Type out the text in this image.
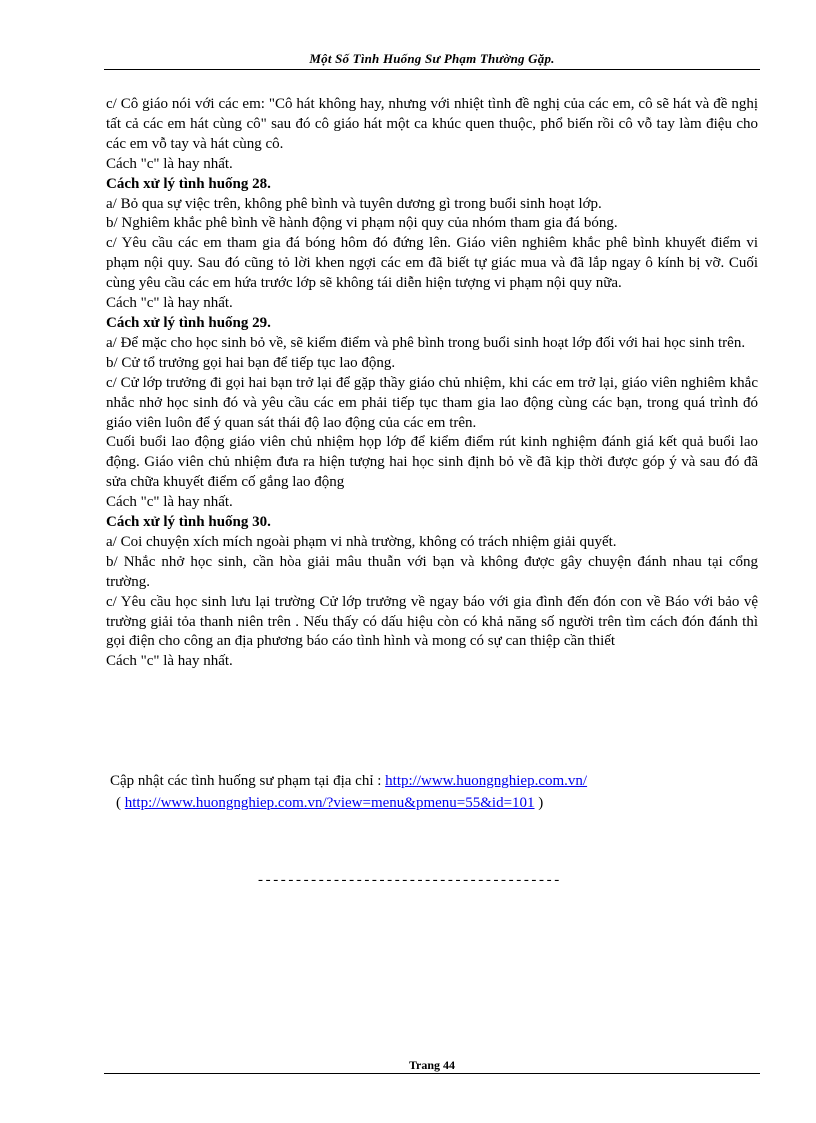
Một Số Tình Huống Sư Phạm Thường Gặp.

c/ Cô giáo nói với các em: "Cô hát không hay, nhưng với nhiệt tình đề nghị của các em, cô sẽ hát và đề nghị tất cả các em hát cùng cô" sau đó cô giáo hát một ca khúc quen thuộc, phổ biến rồi cô vỗ tay làm điệu cho các em vỗ tay và hát cùng cô.

Cách "c" là hay nhất.

Cách xử lý tình huống 28.

a/ Bỏ qua sự việc trên, không phê bình và tuyên dương gì trong buổi sinh hoạt lớp.

b/ Nghiêm khắc phê bình về hành động vi phạm nội quy của nhóm tham gia đá bóng.

c/ Yêu cầu các em tham gia đá bóng hôm đó đứng lên. Giáo viên nghiêm khắc phê bình khuyết điểm vi phạm nội quy. Sau đó cũng tỏ lời khen ngợi các em đã biết tự giác mua và đã lắp ngay ô kính bị vỡ. Cuối cùng yêu cầu các em hứa trước lớp sẽ không tái diễn hiện tượng vi phạm nội quy nữa.

Cách "c" là hay nhất.

Cách xử lý tình huống 29.

a/ Để mặc cho học sinh bỏ về, sẽ kiểm điểm và phê bình trong buổi sinh hoạt lớp đối với hai học sinh trên.

b/ Cử tổ trưởng gọi hai bạn để tiếp tục lao động.

c/ Cử lớp trưởng đi gọi hai bạn trở lại để gặp thầy giáo chủ nhiệm, khi các em trở lại, giáo viên nghiêm khắc nhắc nhở học sinh đó và yêu cầu các em phải tiếp tục tham gia lao động cùng các bạn, trong quá trình đó giáo viên luôn để ý quan sát thái độ lao động của các em trên.

Cuối buổi lao động giáo viên chủ nhiệm họp lớp để kiểm điểm rút kinh nghiệm đánh giá kết quả buổi lao động. Giáo viên chủ nhiệm đưa ra hiện tượng hai học sinh định bỏ về đã kịp thời được góp ý và sau đó đã sửa chữa khuyết điểm cố gắng lao động

Cách "c" là hay nhất.

Cách xử lý tình huống 30.

a/ Coi chuyện xích mích ngoài phạm vi nhà trường, không có trách nhiệm giải quyết.

b/ Nhắc nhở học sinh, cần hòa giải mâu thuẫn với bạn và không được gây chuyện đánh nhau tại cổng trường.

c/ Yêu cầu học sinh lưu lại trường Cử lớp trưởng về ngay báo với gia đình đến đón con về Báo với bảo vệ trường giải tỏa thanh niên trên . Nếu thấy có dấu hiệu còn có khả năng số người trên tìm cách đón đánh thì gọi điện cho công an địa phương báo cáo tình hình và mong có sự can thiệp cần thiết

Cách "c" là hay nhất.

Cập nhật các tình huống sư phạm tại địa chỉ : http://www.huongnghiep.com.vn/
( http://www.huongnghiep.com.vn/?view=menu&pmenu=55&id=101 )
----------------------------------------
Trang 44
